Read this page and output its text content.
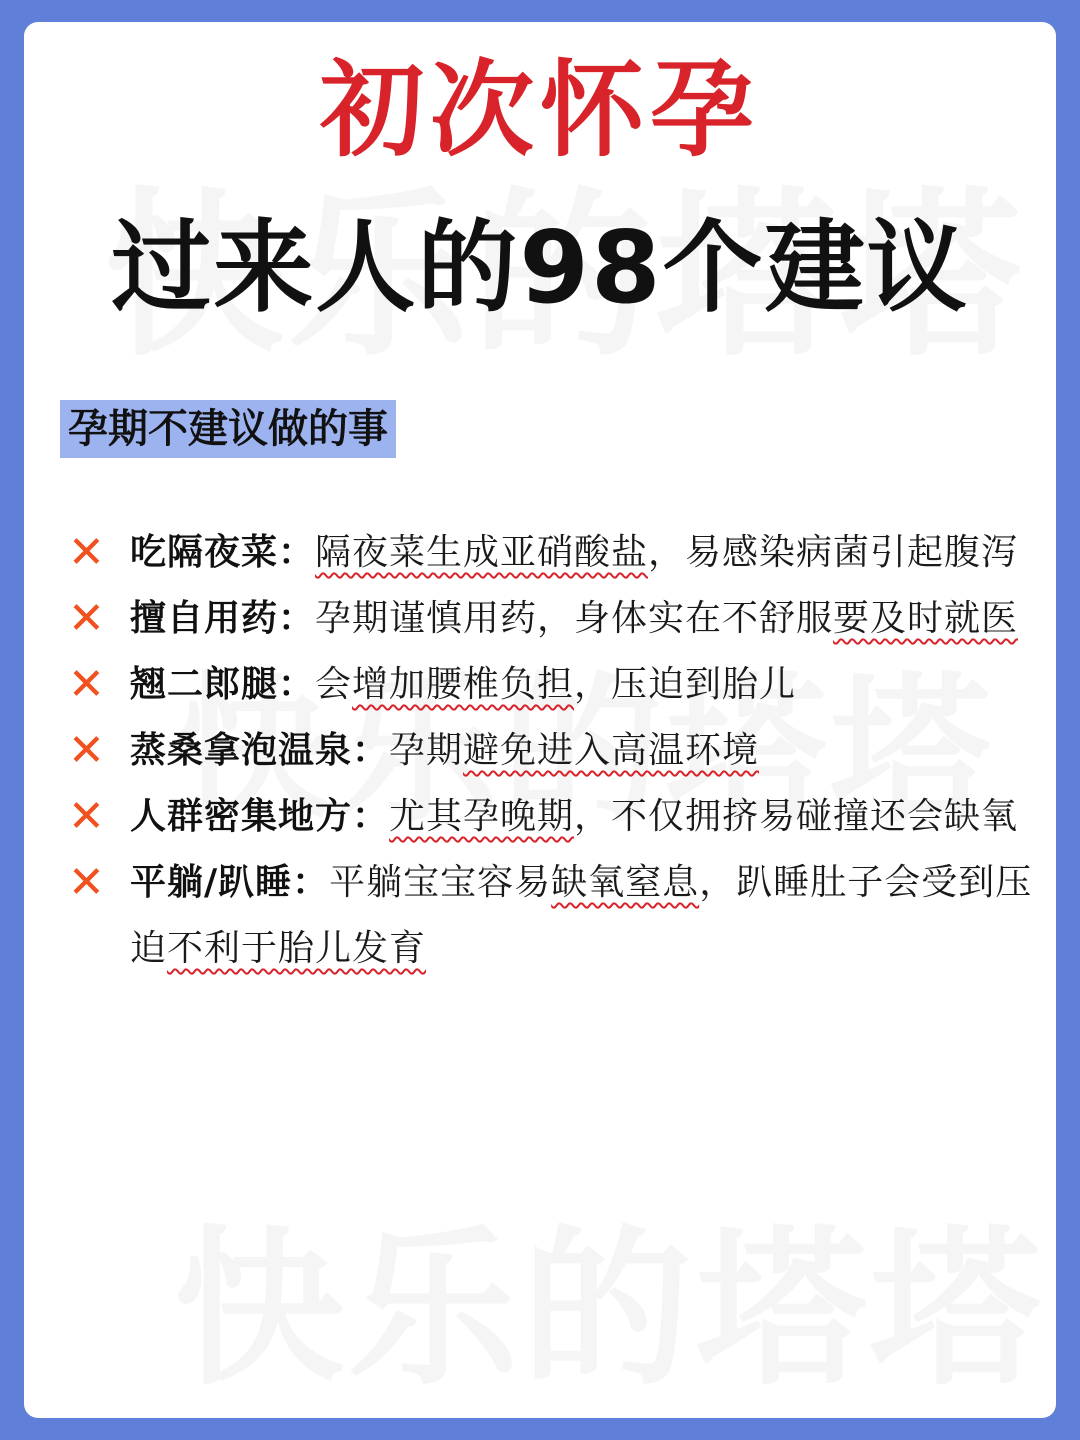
初次怀孕
过来人的98个建议
孕期不建议做的事
✕ 吃隔夜菜：隔夜菜生成亚硝酸盐，易感染病菌引起腹泻
✕ 擅自用药：孕期谨慎用药，身体实在不舒服要及时就医
✕ 翘二郎腿：会增加腰椎负担，压迫到胎儿
✕ 蒸桑拿泡温泉：孕期避免进入高温环境
✕ 人群密集地方：尤其孕晚期，不仅拥挤易碰撞还会缺氧
✕ 平躺/趴睡：平躺宝宝容易缺氧窒息，趴睡肚子会受到压迫不利于胎儿发育
